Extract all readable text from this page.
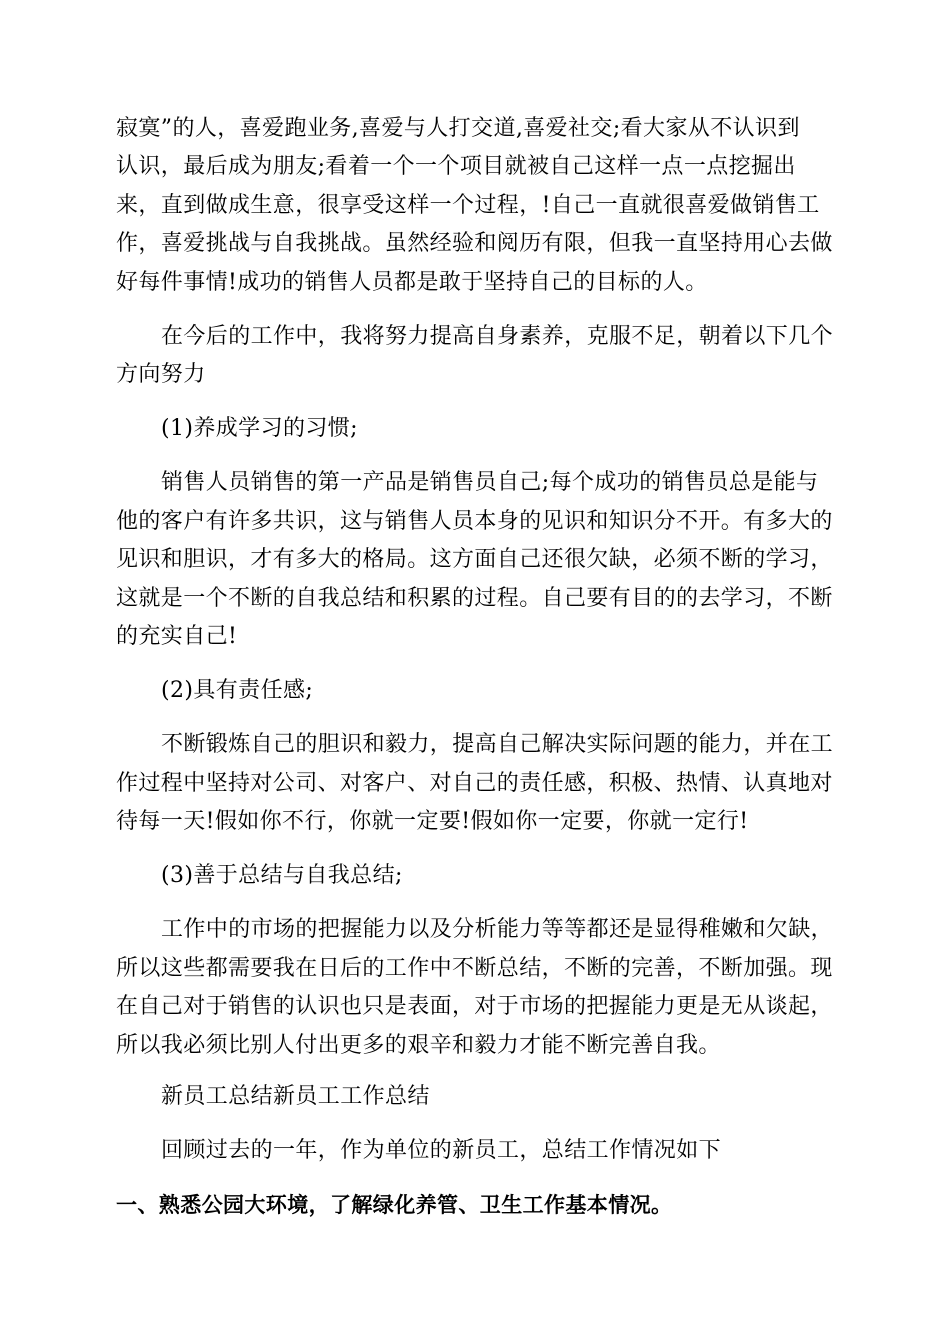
寂寞”的人，喜爱跑业务,喜爱与人打交道,喜爱社交;看大家从不认识到
认识，最后成为朋友;看着一个一个项目就被自己这样一点一点挖掘出
来，直到做成生意，很享受这样一个过程，!自己一直就很喜爱做销售工
作，喜爱挑战与自我挑战。虽然经验和阅历有限，但我一直坚持用心去做
好每件事情!成功的销售人员都是敢于坚持自己的目标的人。
在今后的工作中，我将努力提高自身素养，克服不足，朝着以下几个
方向努力
(1)养成学习的习惯;
销售人员销售的第一产品是销售员自己;每个成功的销售员总是能与
他的客户有许多共识，这与销售人员本身的见识和知识分不开。有多大的
见识和胆识，才有多大的格局。这方面自己还很欠缺，必须不断的学习，
这就是一个不断的自我总结和积累的过程。自己要有目的的去学习，不断
的充实自己!
(2)具有责任感;
不断锻炼自己的胆识和毅力，提高自己解决实际问题的能力，并在工
作过程中坚持对公司、对客户、对自己的责任感，积极、热情、认真地对
待每一天!假如你不行，你就一定要!假如你一定要，你就一定行!
(3)善于总结与自我总结;
工作中的市场的把握能力以及分析能力等等都还是显得稚嫩和欠缺，
所以这些都需要我在日后的工作中不断总结，不断的完善，不断加强。现
在自己对于销售的认识也只是表面，对于市场的把握能力更是无从谈起，
所以我必须比别人付出更多的艰辛和毅力才能不断完善自我。
新员工总结新员工工作总结
回顾过去的一年，作为单位的新员工，总结工作情况如下
一、熟悉公园大环境，了解绿化养管、卫生工作基本情况。
